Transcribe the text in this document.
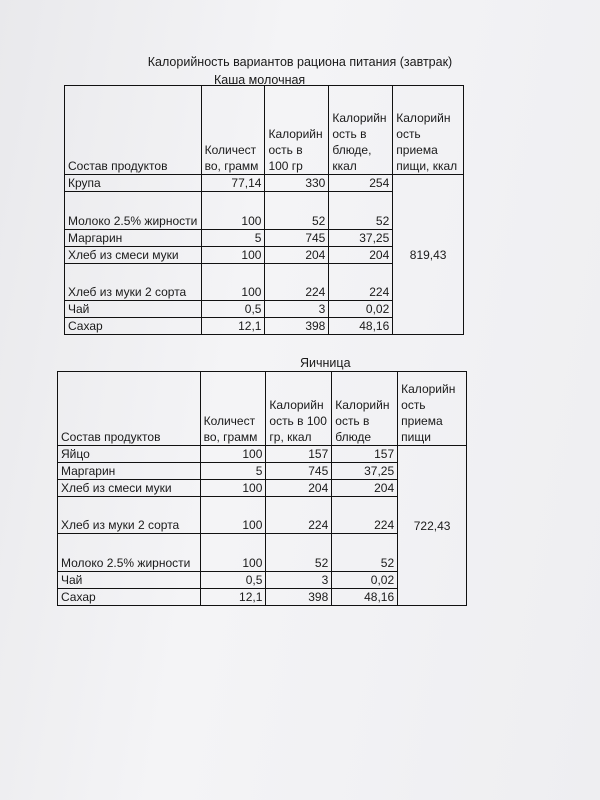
Калорийность вариантов рациона питания (завтрак)
Каша молочная
Состав продуктов	Количест во, грамм	Калорийн ость в 100 гр	Калорийн ость в блюде, ккал	Калорийн ость приема пищи, ккал
Крупа	77,14	330	254	819,43
Молоко 2.5% жирности	100	52	52	
Маргарин	5	745	37,25	
Хлеб из смеси муки	100	204	204	
Хлеб из муки 2 сорта	100	224	224	
Чай	0,5	3	0,02	
Сахар	12,1	398	48,16	
Яичница
Состав продуктов	Количест во, грамм	Калорийн ость в 100 гр, ккал	Калорийн ость в блюде	Калорийн ость приема пищи
Яйцо	100	157	157	722,43
Маргарин	5	745	37,25	
Хлеб из смеси муки	100	204	204	
Хлеб из муки 2 сорта	100	224	224	
Молоко 2.5% жирности	100	52	52	
Чай	0,5	3	0,02	
Сахар	12,1	398	48,16	
